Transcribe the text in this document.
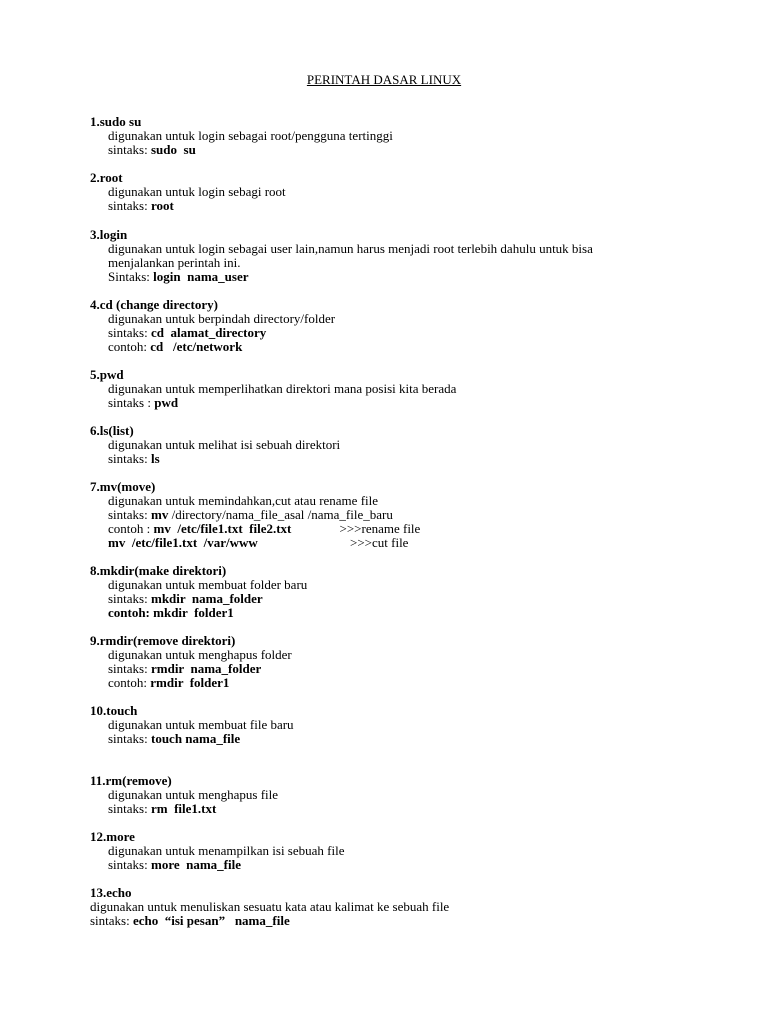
PERINTAH DASAR LINUX
1.sudo su
digunakan untuk login sebagai root/pengguna tertinggi
sintaks: sudo  su
2.root
digunakan untuk login sebagi root
sintaks: root
3.login
digunakan untuk login sebagai user lain,namun harus menjadi root terlebih dahulu untuk bisa
menjalankan perintah ini.
Sintaks: login  nama_user
4.cd (change directory)
digunakan untuk berpindah directory/folder
sintaks: cd  alamat_directory
contoh: cd   /etc/network
5.pwd
digunakan untuk memperlihatkan direktori mana posisi kita berada
sintaks : pwd
6.ls(list)
digunakan untuk melihat isi sebuah direktori
sintaks: ls
7.mv(move)
digunakan untuk memindahkan,cut atau rename file
sintaks: mv /directory/nama_file_asal /nama_file_baru
contoh : mv  /etc/file1.txt  file2.txt	>>>rename file
mv  /etc/file1.txt  /var/www	>>>cut file
8.mkdir(make direktori)
digunakan untuk membuat folder baru
sintaks: mkdir  nama_folder
contoh: mkdir  folder1
9.rmdir(remove direktori)
digunakan untuk menghapus folder
sintaks: rmdir  nama_folder
contoh: rmdir  folder1
10.touch
digunakan untuk membuat file baru
sintaks: touch nama_file
11.rm(remove)
digunakan untuk menghapus file
sintaks: rm  file1.txt
12.more
digunakan untuk menampilkan isi sebuah file
sintaks: more  nama_file
13.echo
digunakan untuk menuliskan sesuatu kata atau kalimat ke sebuah file
sintaks: echo  “isi pesan”   nama_file
